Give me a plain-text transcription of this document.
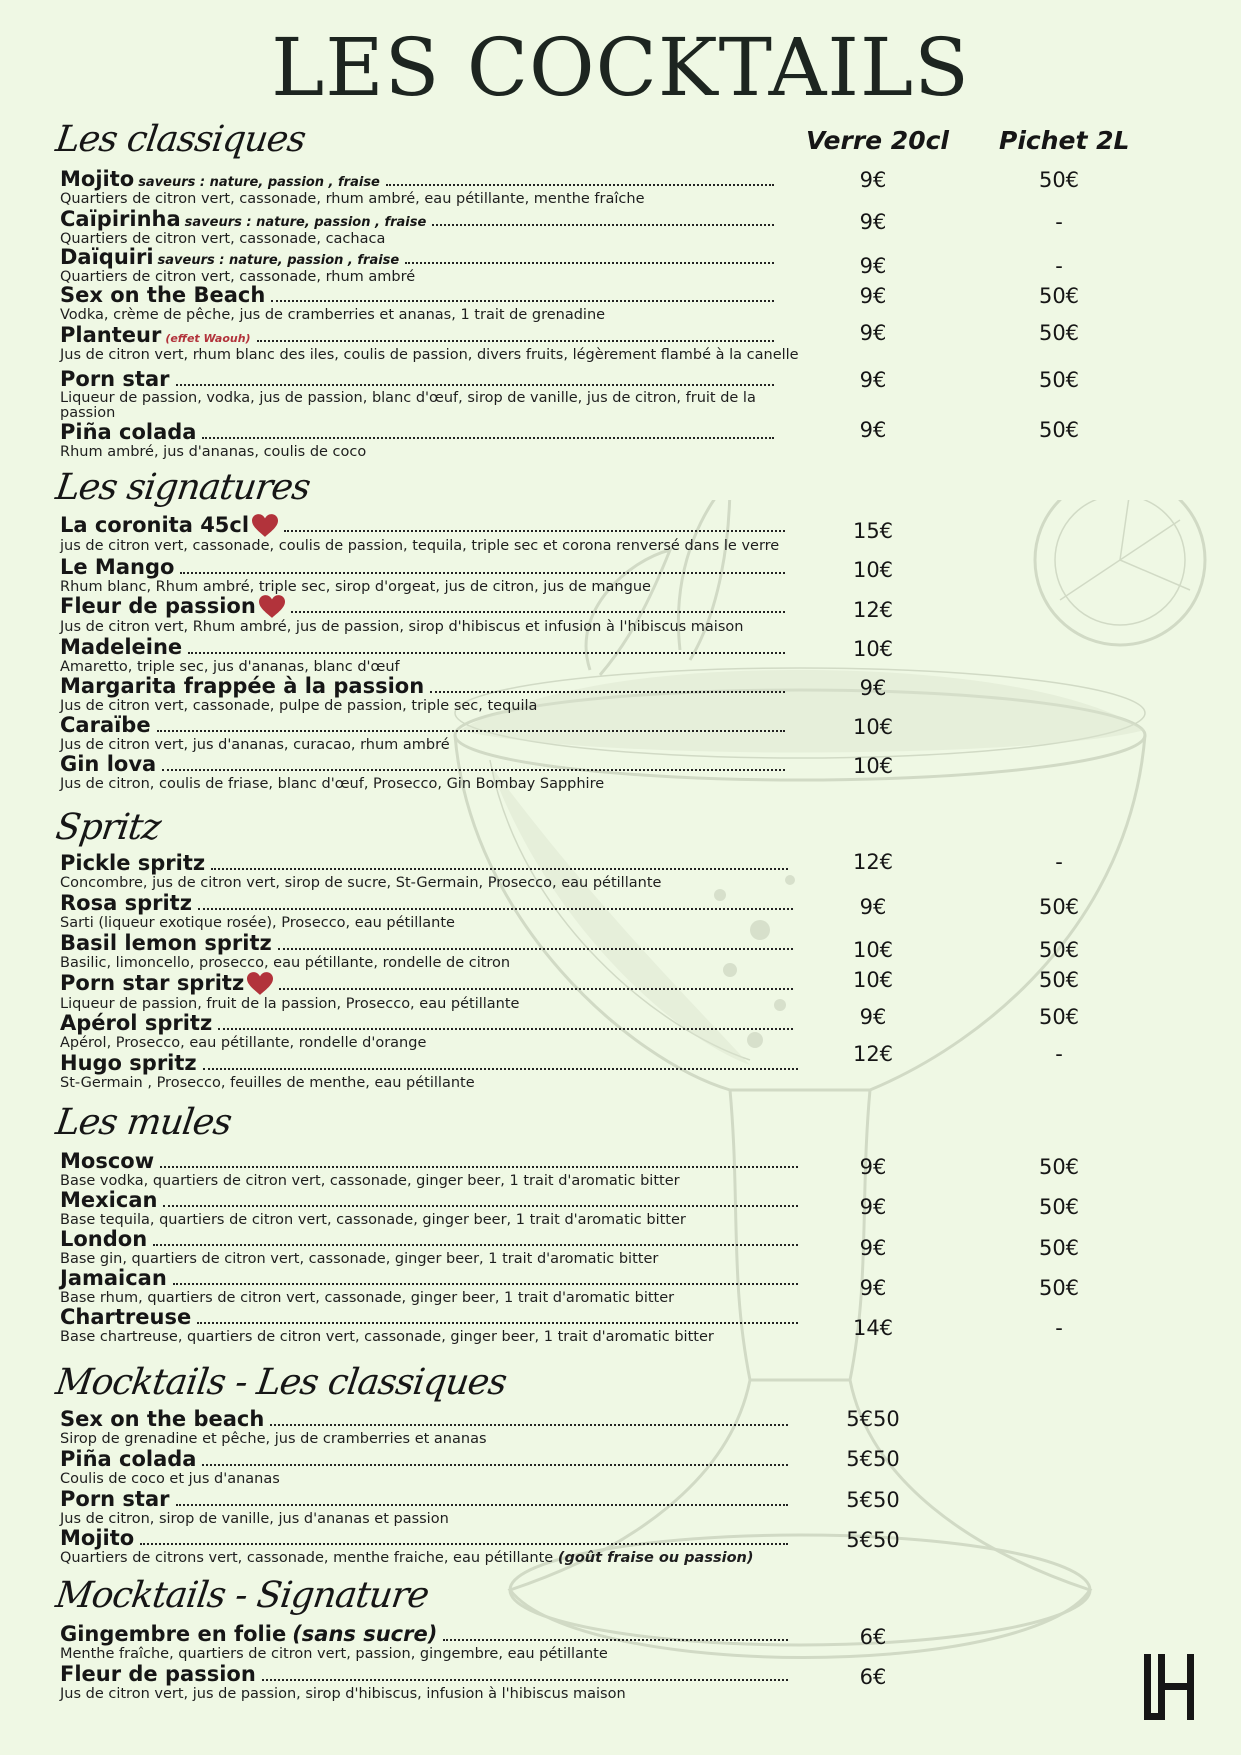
LES COCKTAILS
Verre 20cl Pichet 2L
Les classiques
Mojito saveurs : nature, passion , fraise
Quartiers de citron vert, cassonade, rhum ambré, eau pétillante, menthe fraîche
9€	50€
Caïpirinha saveurs : nature, passion , fraise
Quartiers de citron vert, cassonade, cachaca
9€	-
Daïquiri saveurs : nature, passion , fraise
Quartiers de citron vert, cassonade, rhum ambré	9€	-
Sex on the Beach
Vodka, crème de pêche, jus de cramberries et ananas, 1 trait de grenadine
9€	50€
Planteur (effet Waouh)
Jus de citron vert, rhum blanc des iles, coulis de passion, divers fruits, légèrement flambé à la canelle
9€	50€
Porn star
Liqueur de passion, vodka, jus de passion, blanc d'œuf, sirop de vanille, jus de citron, fruit de la passion
9€	50€
Piña colada
Rhum ambré, jus d'ananas, coulis de coco
9€	50€
Les signatures
La coronita 45cl
jus de citron vert, cassonade, coulis de passion, tequila, triple sec et corona renversé dans le verre
15€
Le Mango
Rhum blanc, Rhum ambré, triple sec, sirop d'orgeat, jus de citron, jus de mangue
10€
Fleur de passion
Jus de citron vert, Rhum ambré, jus de passion, sirop d'hibiscus et infusion à l'hibiscus maison
12€
Madeleine
Amaretto, triple sec, jus d'ananas, blanc d'œuf
10€
Margarita frappée à la passion
Jus de citron vert, cassonade, pulpe de passion, triple sec, tequila
9€
Caraïbe
Jus de citron vert, jus d'ananas, curacao, rhum ambré
10€
Gin lova
Jus de citron, coulis de friase, blanc d'œuf, Prosecco, Gin Bombay Sapphire
10€
Spritz
Pickle spritz
Concombre, jus de citron vert, sirop de sucre, St-Germain, Prosecco, eau pétillante
12€	-
Rosa spritz
Sarti (liqueur exotique rosée), Prosecco, eau pétillante
9€	50€
Basil lemon spritz
Basilic, limoncello, prosecco, eau pétillante, rondelle de citron
10€	50€
Porn star spritz
Liqueur de passion, fruit de la passion, Prosecco, eau pétillante
10€	50€
Apérol spritz
Apérol, Prosecco, eau pétillante, rondelle d'orange
9€	50€
Hugo spritz
St-Germain , Prosecco, feuilles de menthe, eau pétillante
12€	-
Les mules
Moscow
Base vodka, quartiers de citron vert, cassonade, ginger beer, 1 trait d'aromatic bitter
9€	50€
Mexican
Base tequila, quartiers de citron vert, cassonade, ginger beer, 1 trait d'aromatic bitter
9€	50€
London
Base gin, quartiers de citron vert, cassonade, ginger beer, 1 trait d'aromatic bitter	9€	50€
Jamaican
Base rhum, quartiers de citron vert, cassonade, ginger beer, 1 trait d'aromatic bitter	9€	50€
Chartreuse
Base chartreuse, quartiers de citron vert, cassonade, ginger beer, 1 trait d'aromatic bitter	14€	-
Mocktails - Les classiques
Sex on the beach
Sirop de grenadine et pêche, jus de cramberries et ananas
5€50
Piña colada
Coulis de coco et jus d'ananas
5€50
Porn star
Jus de citron, sirop de vanille, jus d'ananas et passion
5€50
Mojito
Quartiers de citrons vert, cassonade, menthe fraiche, eau pétillante (goût fraise ou passion)
5€50
Mocktails - Signature
Gingembre en folie (sans sucre)
Menthe fraîche, quartiers de citron vert, passion, gingembre, eau pétillante
6€
Fleur de passion
Jus de citron vert, jus de passion, sirop d'hibiscus, infusion à l'hibiscus maison
6€
